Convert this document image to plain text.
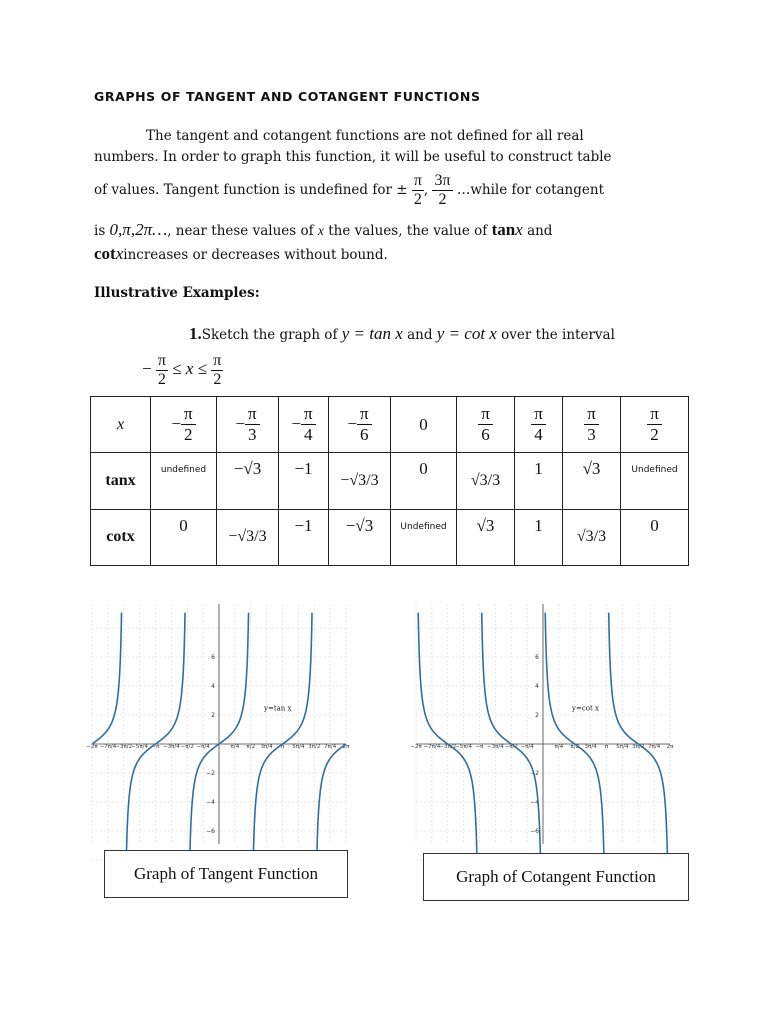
GRAPHS OF TANGENT AND COTANGENT FUNCTIONS
The tangent and cotangent functions are not defined for all real
numbers. In order to graph this function, it will be useful to construct table
of values. Tangent function is undefined for ± $\frac{\pi}{2}$ , $\frac{3\pi}{2}$ …while for cotangent
is 0,π,2π…, near these values of x the values, the value of tanx and
cotxincreases or decreases without bound.
Illustrative Examples:
1.Sketch the graph of y = tan x and y = cot x over the interval
− $\frac{\pi}{2} \le x \le \frac{\pi}{2}$
x	− $\frac{\pi}{2}$	− $\frac{\pi}{3}$	− $\frac{\pi}{4}$	− $\frac{\pi}{6}$	0	$\frac{\pi}{6}$	$\frac{\pi}{4}$	$\frac{\pi}{3}$	$\frac{\pi}{2}$

tanx	undefined	−√3	−1	−√3/3	0	√3/3	1	√3	Undefined
cotx	0	−√3/3	−1	−√3	Undefined	√3	1	√3/3	0
−2π −7π/4 −3π/2 −5π/4 −π −3π/4 −π/2 −π/4	π/4 π/2 3π/4 π 5π/4 3π/2 7π/4 2π
6
4
2
−2
−4
−6
y=tan x
Graph of Tangent Function
−2π −7π/4 −3π/2 −5π/4 −π −3π/4 −π/2 −π/4	π/4 π/2 3π/4 π 5π/4 3π/2 7π/4 2π
6
4
2
−2
−4
−6
y=cot x
Graph of Cotangent Function
